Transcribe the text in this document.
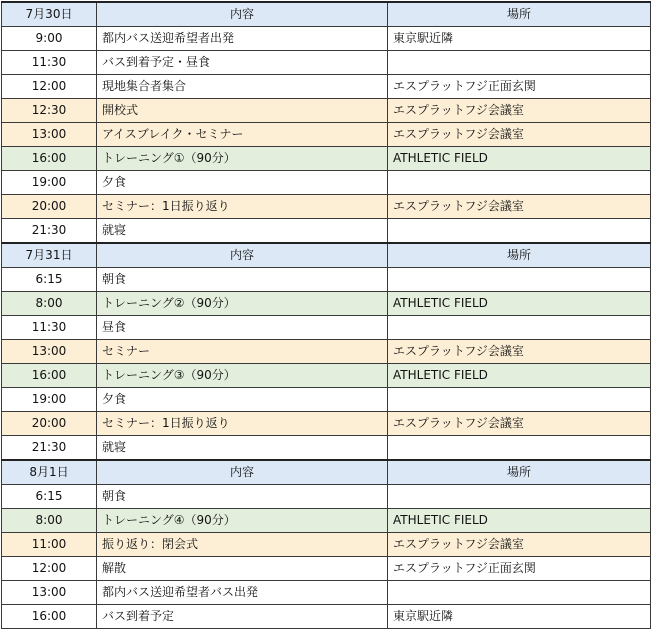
7月30日	内容	場所
9:00	都内バス送迎希望者出発	東京駅近隣
11:30	バス到着予定・昼食	
12:00	現地集合者集合	エスプラットフジ正面玄関
12:30	開校式	エスプラットフジ会議室
13:00	アイスブレイク・セミナー	エスプラットフジ会議室
16:00	トレーニング①（90分）	ATHLETIC FIELD
19:00	夕食	
20:00	セミナー：1日振り返り	エスプラットフジ会議室
21:30	就寝	
7月31日	内容	場所
6:15	朝食	
8:00	トレーニング②（90分）	ATHLETIC FIELD
11:30	昼食	
13:00	セミナー	エスプラットフジ会議室
16:00	トレーニング③（90分）	ATHLETIC FIELD
19:00	夕食	
20:00	セミナー：1日振り返り	エスプラットフジ会議室
21:30	就寝	
8月1日	内容	場所
6:15	朝食	
8:00	トレーニング④（90分）	ATHLETIC FIELD
11:00	振り返り：閉会式	エスプラットフジ会議室
12:00	解散	エスプラットフジ正面玄関
13:00	都内バス送迎希望者バス出発	
16:00	バス到着予定	東京駅近隣
